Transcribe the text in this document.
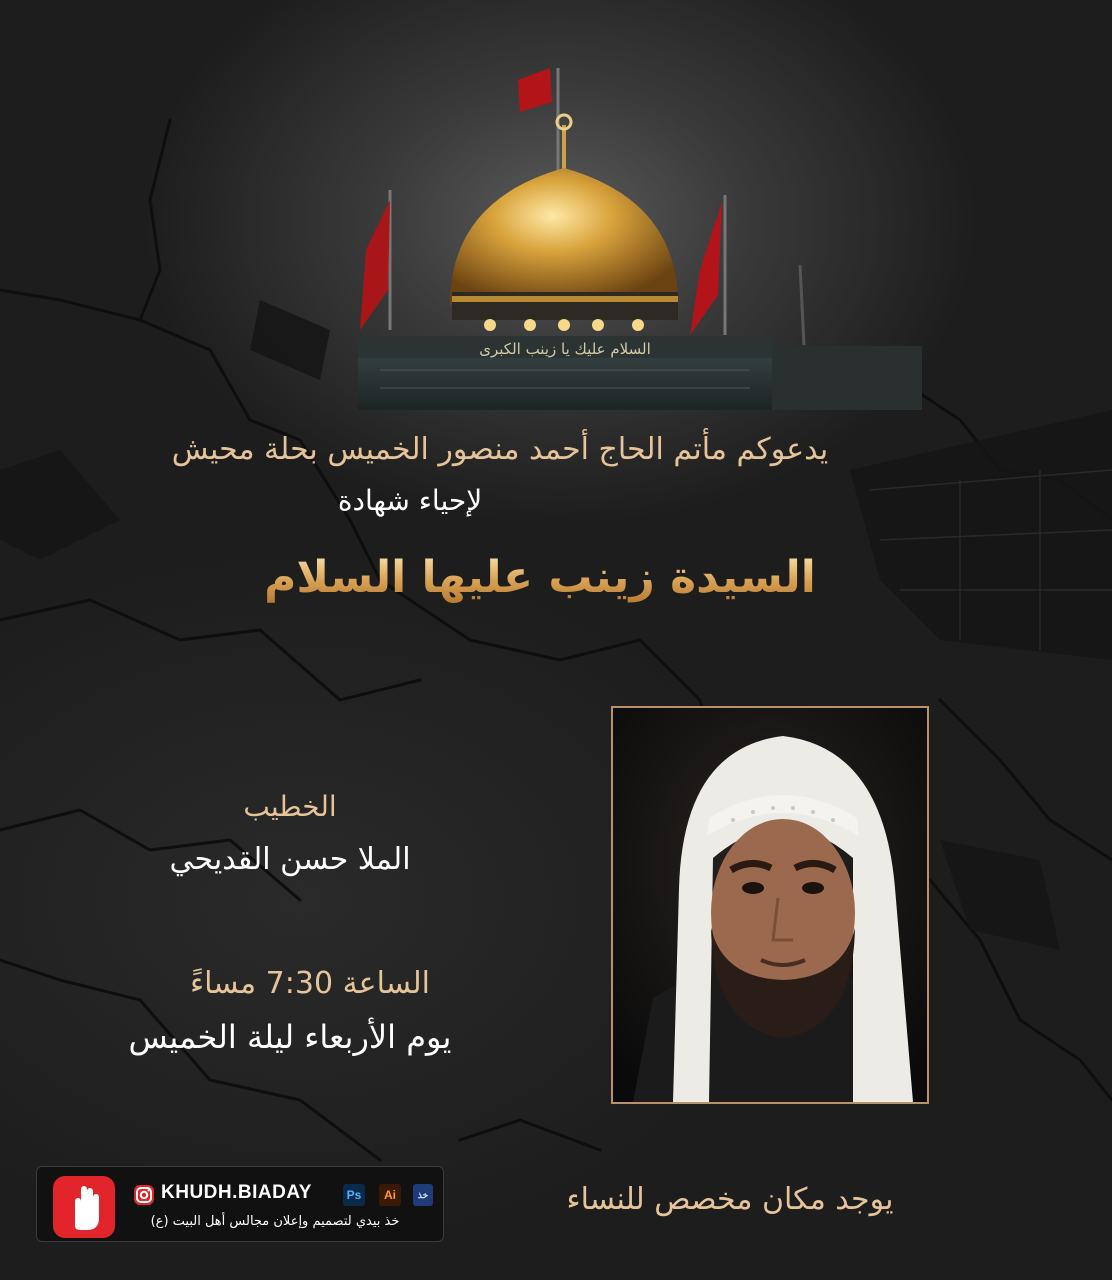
السلام عليك يا زينب الكبرى
يدعوكم مأتم الحاج أحمد منصور الخميس بحلة محيش
لإحياء شهادة
السيدة زينب عليها السلام
الخطيب
الملا حسن القديحي
الساعة 7:30 مساءً
يوم الأربعاء ليلة الخميس
يوجد مكان مخصص للنساء
KHUDH.BIADAY	Ps	Ai	خذ
خذ بيدي لتصميم وإعلان مجالس أهل البيت (ع)
